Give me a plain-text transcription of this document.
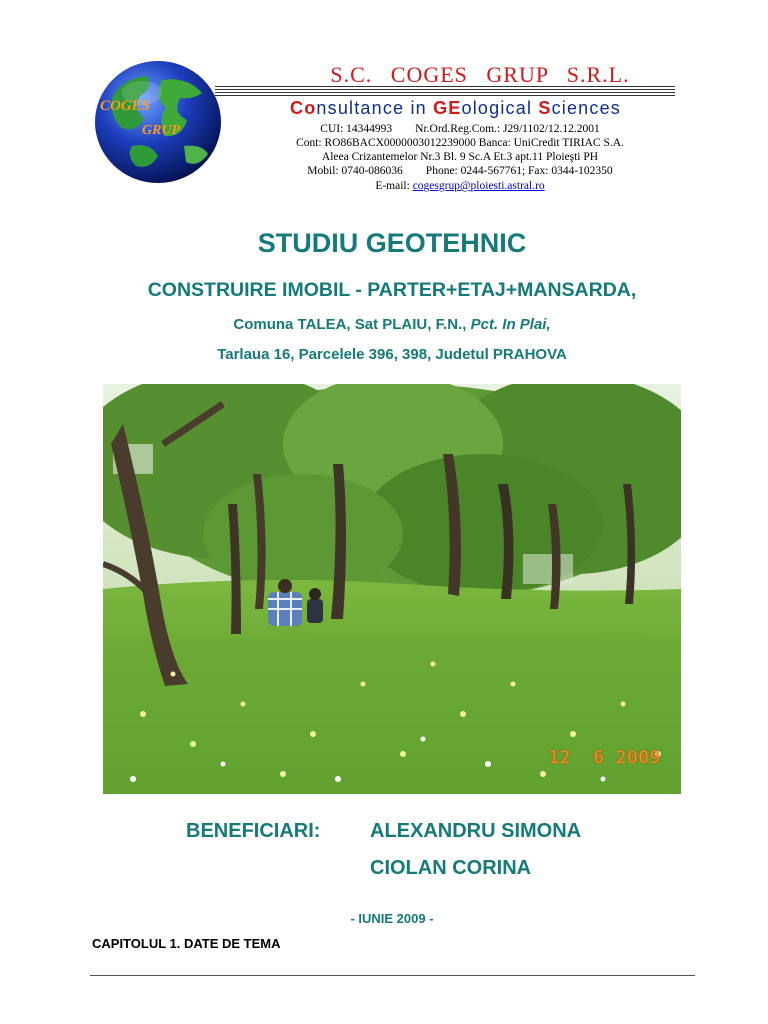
COGES
GRUP
S.C. COGES GRUP S.R.L.
Consultance in GEological Sciences
CUI: 14344993        Nr.Ord.Reg.Com.: J29/1102/12.12.2001
Cont: RO86BACX0000003012239000 Banca: UniCredit TIRIAC S.A.
Aleea Crizantemelor Nr.3 Bl. 9 Sc.A Et.3 apt.11 Ploieşti PH
Mobil: 0740-086036        Phone: 0244-567761; Fax: 0344-102350
E-mail: cogesgrup@ploiesti.astral.ro
STUDIU GEOTEHNIC
CONSTRUIRE IMOBIL - PARTER+ETAJ+MANSARDA,
Comuna TALEA, Sat PLAIU, F.N., Pct. In Plai,
Tarlaua 16, Parcelele 396, 398, Judetul PRAHOVA
12  6 2009
BENEFICIARI: ALEXANDRU SIMONA
CIOLAN CORINA
- IUNIE 2009 -
CAPITOLUL 1. DATE DE TEMA
